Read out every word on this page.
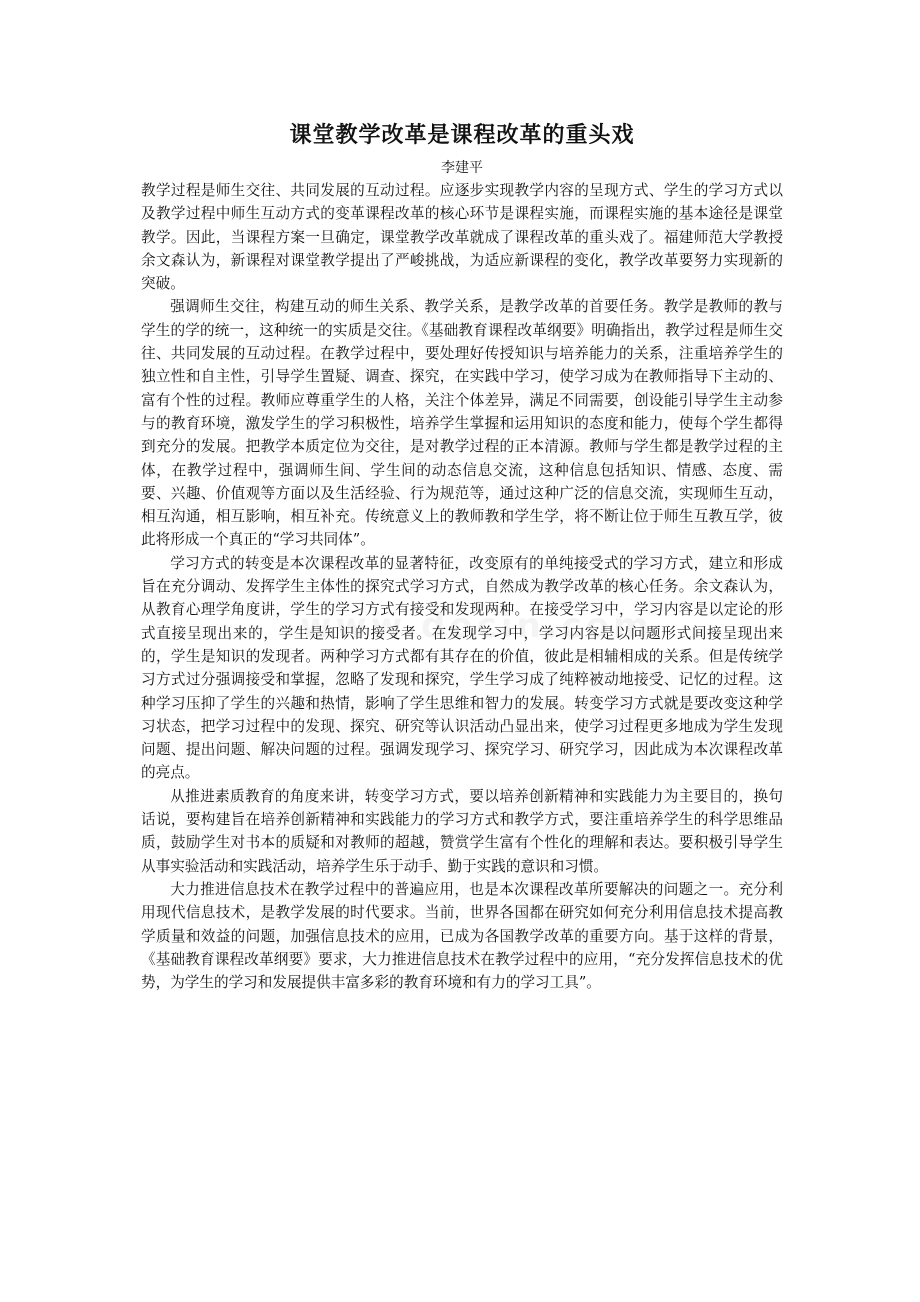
课堂教学改革是课程改革的重头戏
李建平

教学过程是师生交往、共同发展的互动过程。应逐步实现教学内容的呈现方式、学生的学习方式以及教学过程中师生互动方式的变革课程改革的核心环节是课程实施，而课程实施的基本途径是课堂教学。因此，当课程方案一旦确定，课堂教学改革就成了课程改革的重头戏了。福建师范大学教授余文森认为，新课程对课堂教学提出了严峻挑战，为适应新课程的变化，教学改革要努力实现新的突破。

强调师生交往，构建互动的师生关系、教学关系，是教学改革的首要任务。教学是教师的教与学生的学的统一，这种统一的实质是交往。《基础教育课程改革纲要》明确指出，教学过程是师生交往、共同发展的互动过程。在教学过程中，要处理好传授知识与培养能力的关系，注重培养学生的独立性和自主性，引导学生置疑、调查、探究，在实践中学习，使学习成为在教师指导下主动的、富有个性的过程。教师应尊重学生的人格，关注个体差异，满足不同需要，创设能引导学生主动参与的教育环境，激发学生的学习积极性，培养学生掌握和运用知识的态度和能力，使每个学生都得到充分的发展。把教学本质定位为交往，是对教学过程的正本清源。教师与学生都是教学过程的主体，在教学过程中，强调师生间、学生间的动态信息交流，这种信息包括知识、情感、态度、需要、兴趣、价值观等方面以及生活经验、行为规范等，通过这种广泛的信息交流，实现师生互动，相互沟通，相互影响，相互补充。传统意义上的教师教和学生学，将不断让位于师生互教互学，彼此将形成一个真正的“学习共同体”。

学习方式的转变是本次课程改革的显著特征，改变原有的单纯接受式的学习方式，建立和形成旨在充分调动、发挥学生主体性的探究式学习方式，自然成为教学改革的核心任务。余文森认为，从教育心理学角度讲，学生的学习方式有接受和发现两种。在接受学习中，学习内容是以定论的形式直接呈现出来的，学生是知识的接受者。在发现学习中，学习内容是以问题形式间接呈现出来的，学生是知识的发现者。两种学习方式都有其存在的价值，彼此是相辅相成的关系。但是传统学习方式过分强调接受和掌握，忽略了发现和探究，学生学习成了纯粹被动地接受、记忆的过程。这种学习压抑了学生的兴趣和热情，影响了学生思维和智力的发展。转变学习方式就是要改变这种学习状态，把学习过程中的发现、探究、研究等认识活动凸显出来，使学习过程更多地成为学生发现问题、提出问题、解决问题的过程。强调发现学习、探究学习、研究学习，因此成为本次课程改革的亮点。

从推进素质教育的角度来讲，转变学习方式，要以培养创新精神和实践能力为主要目的，换句话说，要构建旨在培养创新精神和实践能力的学习方式和教学方式，要注重培养学生的科学思维品质，鼓励学生对书本的质疑和对教师的超越，赞赏学生富有个性化的理解和表达。要积极引导学生从事实验活动和实践活动，培养学生乐于动手、勤于实践的意识和习惯。

大力推进信息技术在教学过程中的普遍应用，也是本次课程改革所要解决的问题之一。充分利用现代信息技术，是教学发展的时代要求。当前，世界各国都在研究如何充分利用信息技术提高教学质量和效益的问题，加强信息技术的应用，已成为各国教学改革的重要方向。基于这样的背景，《基础教育课程改革纲要》要求，大力推进信息技术在教学过程中的应用，“充分发挥信息技术的优势，为学生的学习和发展提供丰富多彩的教育环境和有力的学习工具”。
